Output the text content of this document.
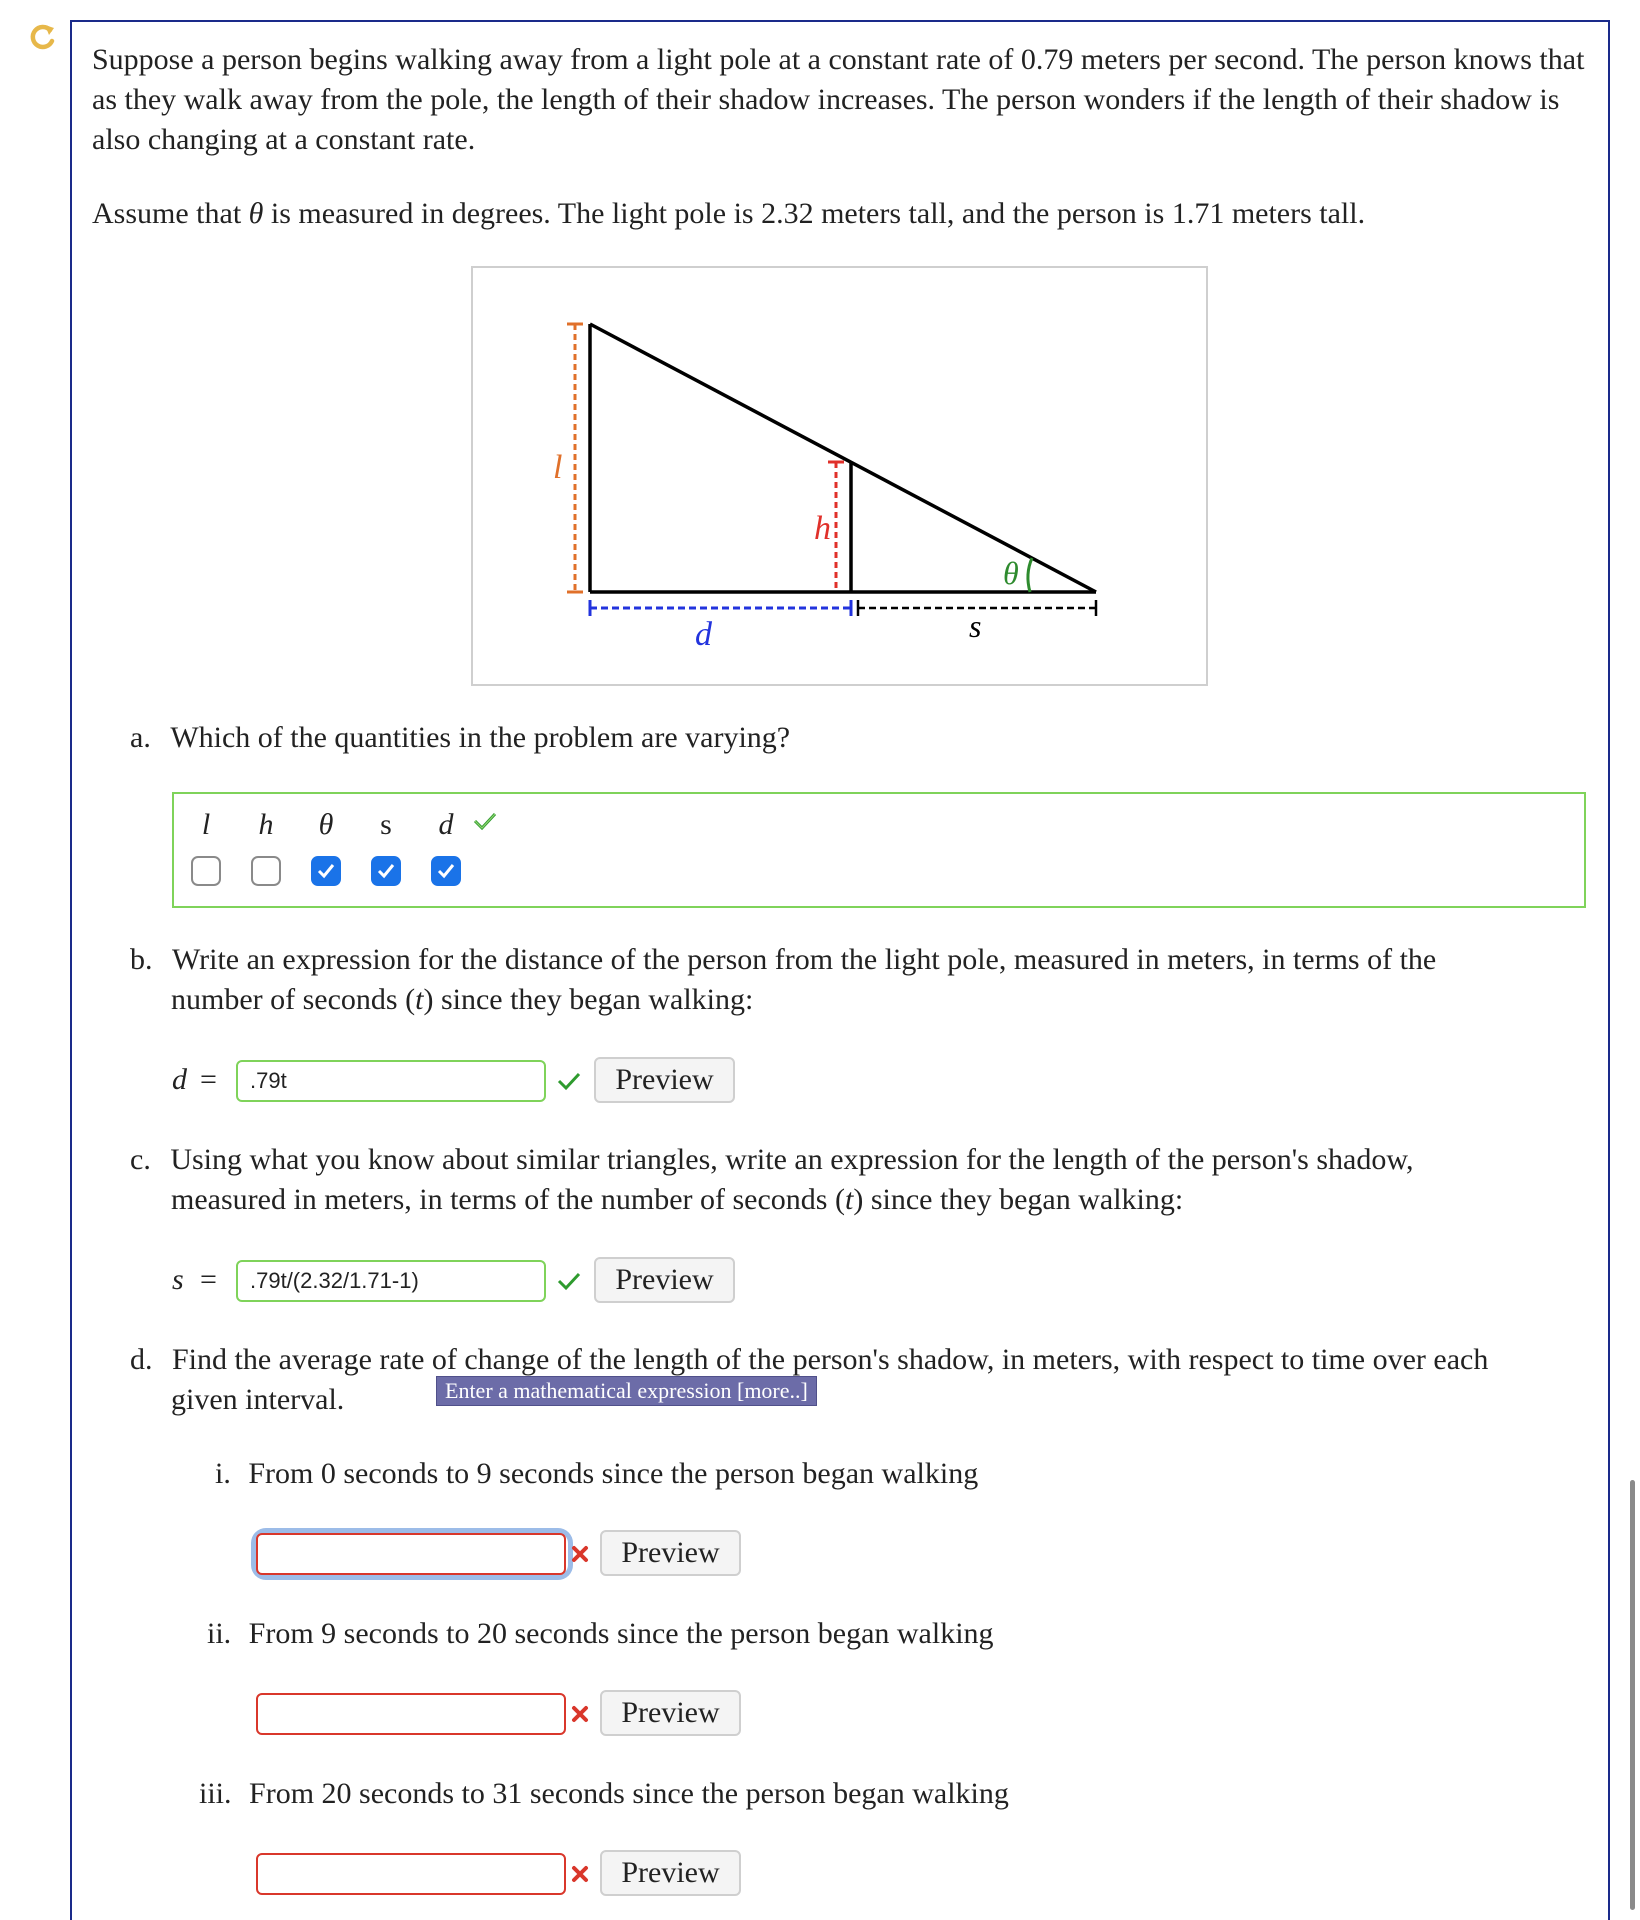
Suppose a person begins walking away from a light pole at a constant rate of 0.79 meters per second. The person knows that as they walk away from the pole, the length of their shadow increases. The person wonders if the length of their shadow is also changing at a constant rate.
Assume that θ is measured in degrees. The light pole is 2.32 meters tall, and the person is 1.71 meters tall.
l
h
θ
d	s
a. Which of the quantities in the problem are varying?
l	h	θ	s	d
b. Write an expression for the distance of the person from the light pole, measured in meters, in terms of the
number of seconds (t) since they began walking:
d =	.79t	Preview
c. Using what you know about similar triangles, write an expression for the length of the person's shadow,
measured in meters, in terms of the number of seconds (t) since they began walking:
s =	.79t/(2.32/1.71-1)	Preview
d. Find the average rate of change of the length of the person's shadow, in meters, with respect to time over each
given interval.	Enter a mathematical expression [more..]
i. From 0 seconds to 9 seconds since the person began walking
Preview
ii. From 9 seconds to 20 seconds since the person began walking
Preview
iii. From 20 seconds to 31 seconds since the person began walking
Preview
